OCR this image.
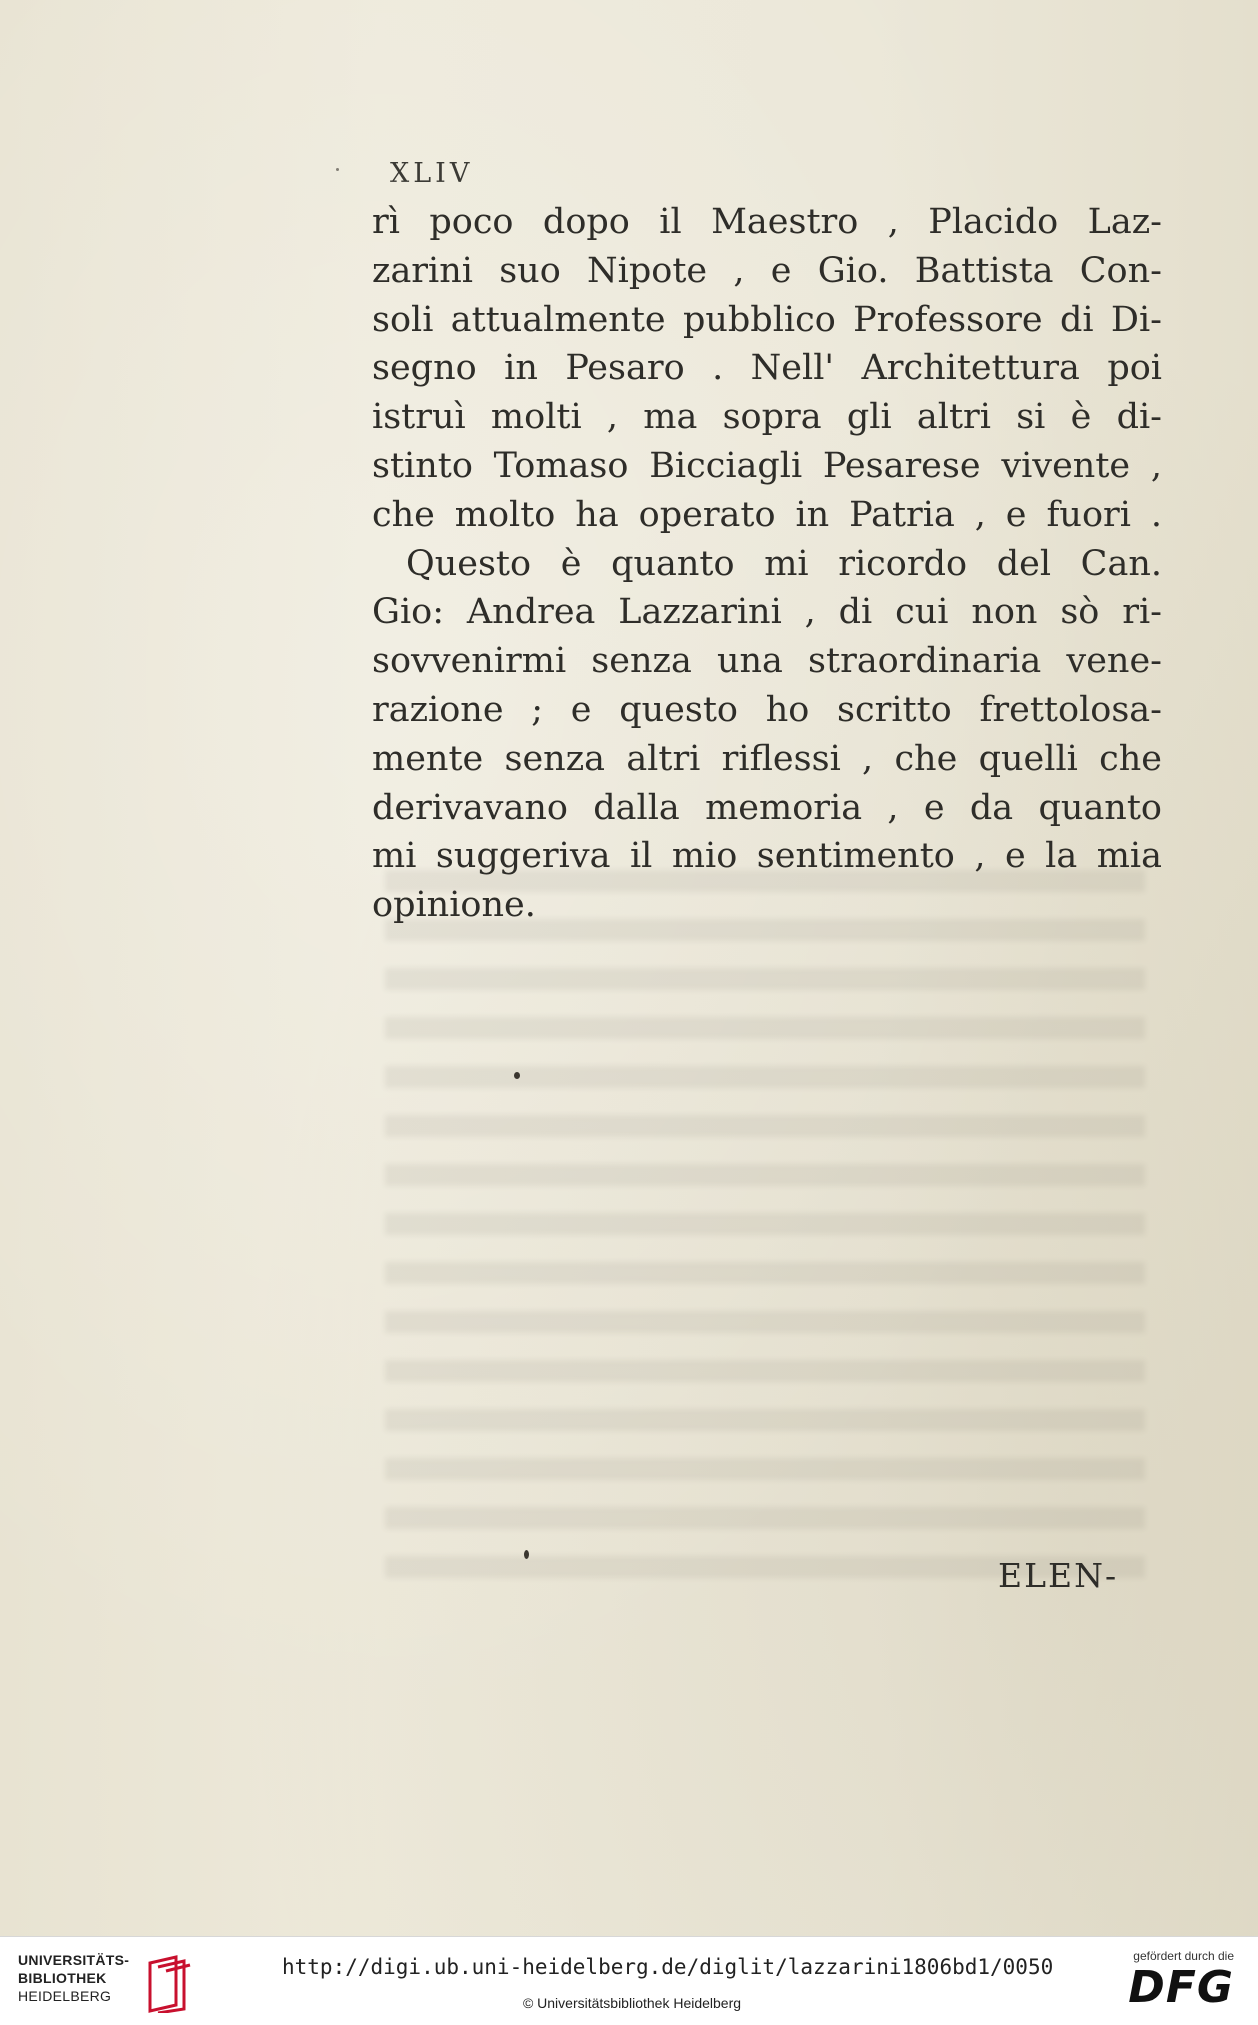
XLIV
rì poco dopo il Maestro , Placido Laz-
zarini suo Nipote , e Gio. Battista Con-
soli attualmente pubblico Professore di Di-
segno in Pesaro . Nell' Architettura poi
istruì molti , ma sopra gli altri si è di-
stinto Tomaso Bicciagli Pesarese vivente ,
che molto ha operato in Patria , e fuori .
Questo è quanto mi ricordo del Can.
Gio: Andrea Lazzarini , di cui non sò ri-
sovvenirmi senza una straordinaria vene-
razione ; e questo ho scritto frettolosa-
mente senza altri riflessi , che quelli che
derivavano dalla memoria , e da quanto
mi suggeriva il mio sentimento , e la mia
opinione.
ELEN-
UNIVERSITÄTS-
BIBLIOTHEK
HEIDELBERG
http://digi.ub.uni-heidelberg.de/diglit/lazzarini1806bd1/0050
© Universitätsbibliothek Heidelberg
gefördert durch die
DFG
